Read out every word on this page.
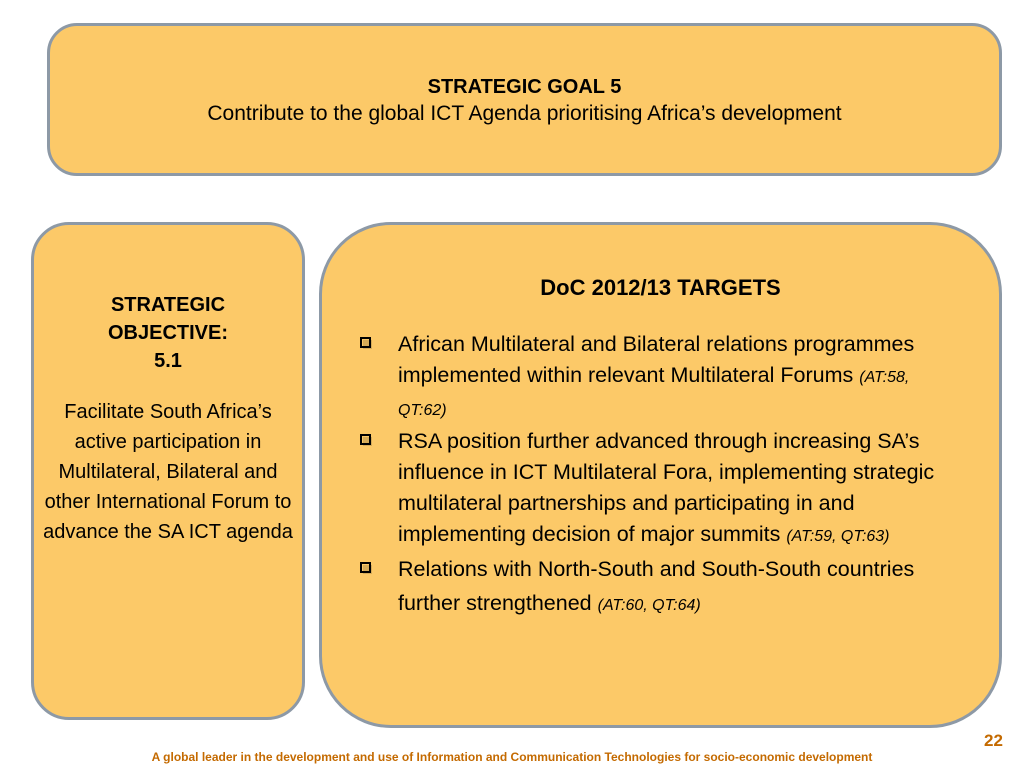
STRATEGIC GOAL 5
Contribute to the global ICT Agenda prioritising Africa’s development
STRATEGIC
OBJECTIVE:
5.1
Facilitate South Africa’s active participation in Multilateral, Bilateral and other International Forum to advance the SA ICT agenda
DoC 2012/13 TARGETS
African Multilateral and Bilateral relations programmes implemented within relevant Multilateral Forums (AT:58, QT:62)
RSA position further advanced through increasing SA’s influence in ICT Multilateral Fora, implementing strategic multilateral partnerships and participating in and implementing decision of major summits (AT:59, QT:63)
Relations with North-South and South-South countries further strengthened (AT:60, QT:64)
22
A global leader in the development and use of Information and Communication Technologies for socio-economic development
